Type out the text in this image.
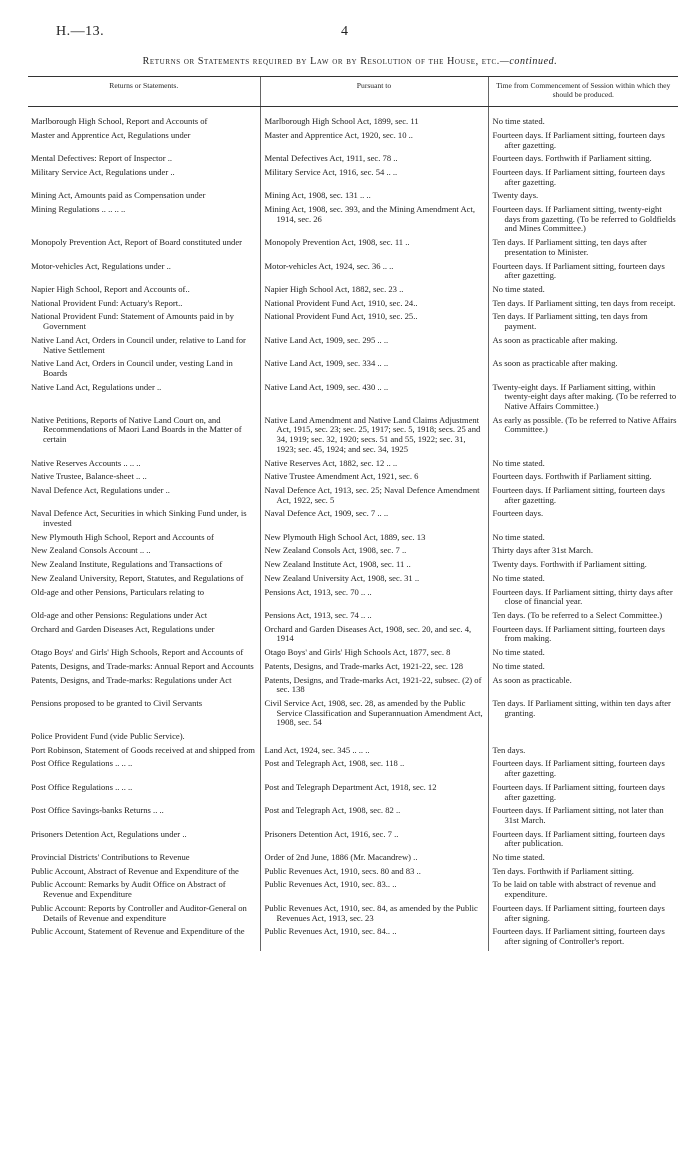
H.—13.	4
Returns or Statements required by Law or by Resolution of the House, etc.—continued.
Returns or Statements.	Pursuant to	Time from Commencement of Session within which they should be produced.

Marlborough High School, Report and Accounts of	Marlborough High School Act, 1899, sec. 11	No time stated.

Master and Apprentice Act, Regulations under	Master and Apprentice Act, 1920, sec. 10 ..	Fourteen days. If Parliament sitting, fourteen days after gazetting.

Mental Defectives: Report of Inspector ..	Mental Defectives Act, 1911, sec. 78 ..	Fourteen days. Forthwith if Parliament sitting.

Military Service Act, Regulations under ..	Military Service Act, 1916, sec. 54 .. ..	Fourteen days. If Parliament sitting, fourteen days after gazetting.

Mining Act, Amounts paid as Compensation under	Mining Act, 1908, sec. 131 .. ..	Twenty days.

Mining Regulations .. .. .. ..	Mining Act, 1908, sec. 393, and the Mining Amendment Act, 1914, sec. 26	Fourteen days. If Parliament sitting, twenty-eight days from gazetting. (To be referred to Goldfields and Mines Committee.)

Monopoly Prevention Act, Report of Board constituted under	Monopoly Prevention Act, 1908, sec. 11 ..	Ten days. If Parliament sitting, ten days after presentation to Minister.

Motor-vehicles Act, Regulations under ..	Motor-vehicles Act, 1924, sec. 36 .. ..	Fourteen days. If Parliament sitting, fourteen days after gazetting.

Napier High School, Report and Accounts of..	Napier High School Act, 1882, sec. 23 ..	No time stated.

National Provident Fund: Actuary's Report..	National Provident Fund Act, 1910, sec. 24..	Ten days. If Parliament sitting, ten days from receipt.

National Provident Fund: Statement of Amounts paid in by Government	National Provident Fund Act, 1910, sec. 25..	Ten days. If Parliament sitting, ten days from payment.

Native Land Act, Orders in Council under, relative to Land for Native Settlement	Native Land Act, 1909, sec. 295 .. ..	As soon as practicable after making.

Native Land Act, Orders in Council under, vesting Land in Boards	Native Land Act, 1909, sec. 334 .. ..	As soon as practicable after making.

Native Land Act, Regulations under ..	Native Land Act, 1909, sec. 430 .. ..	Twenty-eight days. If Parliament sitting, within twenty-eight days after making. (To be referred to Native Affairs Committee.)

Native Petitions, Reports of Native Land Court on, and Recommendations of Maori Land Boards in the Matter of certain	Native Land Amendment and Native Land Claims Adjustment Act, 1915, sec. 23; sec. 25, 1917; sec. 5, 1918; secs. 25 and 34, 1919; sec. 32, 1920; secs. 51 and 55, 1922; sec. 31, 1923; sec. 45, 1924; and sec. 34, 1925	As early as possible. (To be referred to Native Affairs Committee.)

Native Reserves Accounts .. .. ..	Native Reserves Act, 1882, sec. 12 .. ..	No time stated.

Native Trustee, Balance-sheet .. ..	Native Trustee Amendment Act, 1921, sec. 6	Fourteen days. Forthwith if Parliament sitting.

Naval Defence Act, Regulations under ..	Naval Defence Act, 1913, sec. 25; Naval Defence Amendment Act, 1922, sec. 5	Fourteen days. If Parliament sitting, fourteen days after gazetting.

Naval Defence Act, Securities in which Sinking Fund under, is invested	Naval Defence Act, 1909, sec. 7 .. ..	Fourteen days.

New Plymouth High School, Report and Accounts of	New Plymouth High School Act, 1889, sec. 13	No time stated.

New Zealand Consols Account .. ..	New Zealand Consols Act, 1908, sec. 7 ..	Thirty days after 31st March.

New Zealand Institute, Regulations and Transactions of	New Zealand Institute Act, 1908, sec. 11 ..	Twenty days. Forthwith if Parliament sitting.

New Zealand University, Report, Statutes, and Regulations of	New Zealand University Act, 1908, sec. 31 ..	No time stated.

Old-age and other Pensions, Particulars relating to	Pensions Act, 1913, sec. 70 .. ..	Fourteen days. If Parliament sitting, thirty days after close of financial year.

Old-age and other Pensions: Regulations under Act	Pensions Act, 1913, sec. 74 .. ..	Ten days. (To be referred to a Select Committee.)

Orchard and Garden Diseases Act, Regulations under	Orchard and Garden Diseases Act, 1908, sec. 20, and sec. 4, 1914	Fourteen days. If Parliament sitting, fourteen days from making.

Otago Boys' and Girls' High Schools, Report and Accounts of	Otago Boys' and Girls' High Schools Act, 1877, sec. 8	No time stated.

Patents, Designs, and Trade-marks: Annual Report and Accounts	Patents, Designs, and Trade-marks Act, 1921-22, sec. 128	No time stated.

Patents, Designs, and Trade-marks: Regulations under Act	Patents, Designs, and Trade-marks Act, 1921-22, subsec. (2) of sec. 138	As soon as practicable.

Pensions proposed to be granted to Civil Servants	Civil Service Act, 1908, sec. 28, as amended by the Public Service Classification and Superannuation Amendment Act, 1908, sec. 54	Ten days. If Parliament sitting, within ten days after granting.

Police Provident Fund (vide Public Service).		

Port Robinson, Statement of Goods received at and shipped from	Land Act, 1924, sec. 345 .. .. ..	Ten days.

Post Office Regulations .. .. ..	Post and Telegraph Act, 1908, sec. 118 ..	Fourteen days. If Parliament sitting, fourteen days after gazetting.

Post Office Regulations .. .. ..	Post and Telegraph Department Act, 1918, sec. 12	Fourteen days. If Parliament sitting, fourteen days after gazetting.

Post Office Savings-banks Returns .. ..	Post and Telegraph Act, 1908, sec. 82 ..	Fourteen days. If Parliament sitting, not later than 31st March.

Prisoners Detention Act, Regulations under ..	Prisoners Detention Act, 1916, sec. 7 ..	Fourteen days. If Parliament sitting, fourteen days after publication.

Provincial Districts' Contributions to Revenue	Order of 2nd June, 1886 (Mr. Macandrew) ..	No time stated.

Public Account, Abstract of Revenue and Expenditure of the	Public Revenues Act, 1910, secs. 80 and 83 ..	Ten days. Forthwith if Parliament sitting.

Public Account: Remarks by Audit Office on Abstract of Revenue and Expenditure	Public Revenues Act, 1910, sec. 83.. ..	To be laid on table with abstract of revenue and expenditure.

Public Account: Reports by Controller and Auditor-General on Details of Revenue and expenditure	Public Revenues Act, 1910, sec. 84, as amended by the Public Revenues Act, 1913, sec. 23	Fourteen days. If Parliament sitting, fourteen days after signing.

Public Account, Statement of Revenue and Expenditure of the	Public Revenues Act, 1910, sec. 84.. ..	Fourteen days. If Parliament sitting, fourteen days after signing of Controller's report.
